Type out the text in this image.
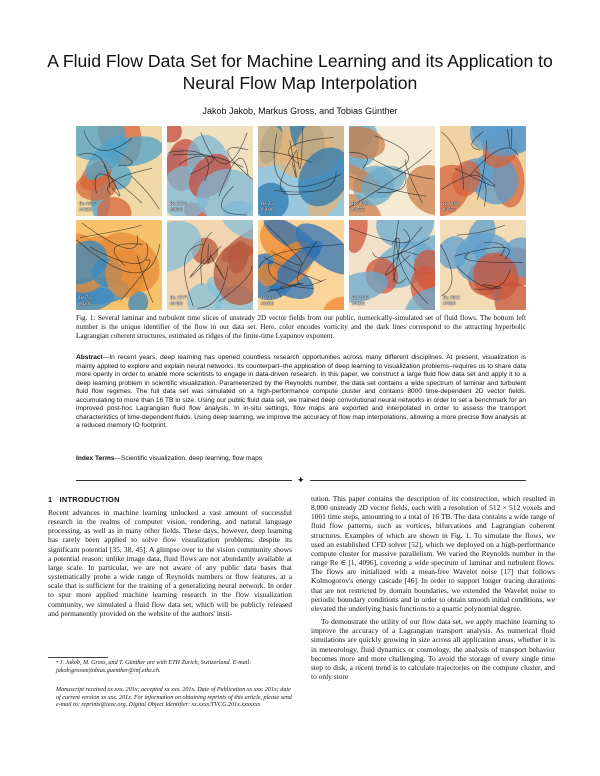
A Fluid Flow Data Set for Machine Learning and its Application to Neural Flow Map Interpolation
Jakob Jakob, Markus Gross, and Tobias Günther
Re 445.7
#4600
Re 2174
#4870
Re 2.3
#4000
Re 48.8
#4555
Re 1014
#4975
Re 7.6
#0200
Re 1577
#4400
Re 3.6
#2000
Re 2142
#4600
Re 2852
#7800
Fig. 1: Several laminar and turbulent time slices of unsteady 2D vector fields from our public, numerically-simulated set of fluid flows. The bottom left number is the unique identifier of the flow in our data set. Here, color encodes vorticity and the dark lines correspond to the attracting hyperbolic Lagrangian coherent structures, estimated as ridges of the finite-time Lyapunov exponent.
Abstract—In recent years, deep learning has opened countless research opportunities across many different disciplines. At present, visualization is mainly applied to explore and explain neural networks. Its counterpart–the application of deep learning to visualization problems–requires us to share data more openly in order to enable more scientists to engage in data-driven research. In this paper, we construct a large fluid flow data set and apply it to a deep learning problem in scientific visualization. Parameterized by the Reynolds number, the data set contains a wide spectrum of laminar and turbulent fluid flow regimes. The full data set was simulated on a high-performance compute cluster and contains 8000 time-dependent 2D vector fields, accumulating to more than 16 TB in size. Using our public fluid data set, we trained deep convolutional neural networks in order to set a benchmark for an improved post-hoc Lagrangian fluid flow analysis. In in-situ settings, flow maps are exported and interpolated in order to assess the transport characteristics of time-dependent fluids. Using deep learning, we improve the accuracy of flow map interpolations, allowing a more precise flow analysis at a reduced memory IO footprint.
Index Terms—Scientific visualization, deep learning, flow maps
✦
1 INTRODUCTION

Recent advances in machine learning unlocked a vast amount of successful research in the realms of computer vision, rendering, and natural language processing, as well as in many other fields. These days, however, deep learning has rarely been applied to solve flow visualization problems, despite its significant potential [35, 38, 45]. A glimpse over to the vision community shows a potential reason: unlike image data, fluid flows are not abundantly available at large scale. In particular, we are not aware of any public data bases that systematically probe a wide range of Reynolds numbers or flow features, at a scale that is sufficient for the training of a generalizing neural network. In order to spur more applied machine learning research in the flow visualization community, we simulated a fluid flow data set, which will be publicly released and permanently provided on the website of the authors' insti-

• J. Jakob, M. Gross, and T. Günther are with ETH Zurich, Switzerland. E-mail: jakob|grossm|tobias.guenther@inf.ethz.ch.
Manuscript received xx xxx. 201x; accepted xx xxx. 201x. Date of Publication xx xxx. 201x; date of current version xx xxx. 201x. For information on obtaining reprints of this article, please send e-mail to: reprints@ieee.org. Digital Object Identifier: xx.xxxx/TVCG.201x.xxxxxxx

tution. This paper contains the description of its construction, which resulted in 8,000 unsteady 2D vector fields, each with a resolution of 512 × 512 voxels and 1001 time steps, amounting to a total of 16 TB. The data contains a wide range of fluid flow patterns, such as vortices, bifurcations and Lagrangian coherent structures. Examples of which are shown in Fig. 1. To simulate the flows, we used an established CFD solver [52], which we deployed on a high-performance compute cluster for massive parallelism. We varied the Reynolds number in the range Re ∈ [1, 4096], covering a wide spectrum of laminar and turbulent flows. The flows are initialized with a mean-free Wavelet noise [17] that follows Kolmogorov's energy cascade [46]. In order to support longer tracing durations that are not restricted by domain boundaries, we extended the Wavelet noise to periodic boundary conditions and in order to obtain smooth initial conditions, we elevated the underlying basis functions to a quartic polynomial degree.

To demonstrate the utility of our flow data set, we apply machine learning to improve the accuracy of a Lagrangian transport analysis. As numerical fluid simulations are quickly growing in size across all application areas, whether it is in meteorology, fluid dynamics or cosmology, the analysis of transport behavior becomes more and more challenging. To avoid the storage of every single time step to disk, a recent trend is to calculate trajectories on the compute cluster, and to only store
